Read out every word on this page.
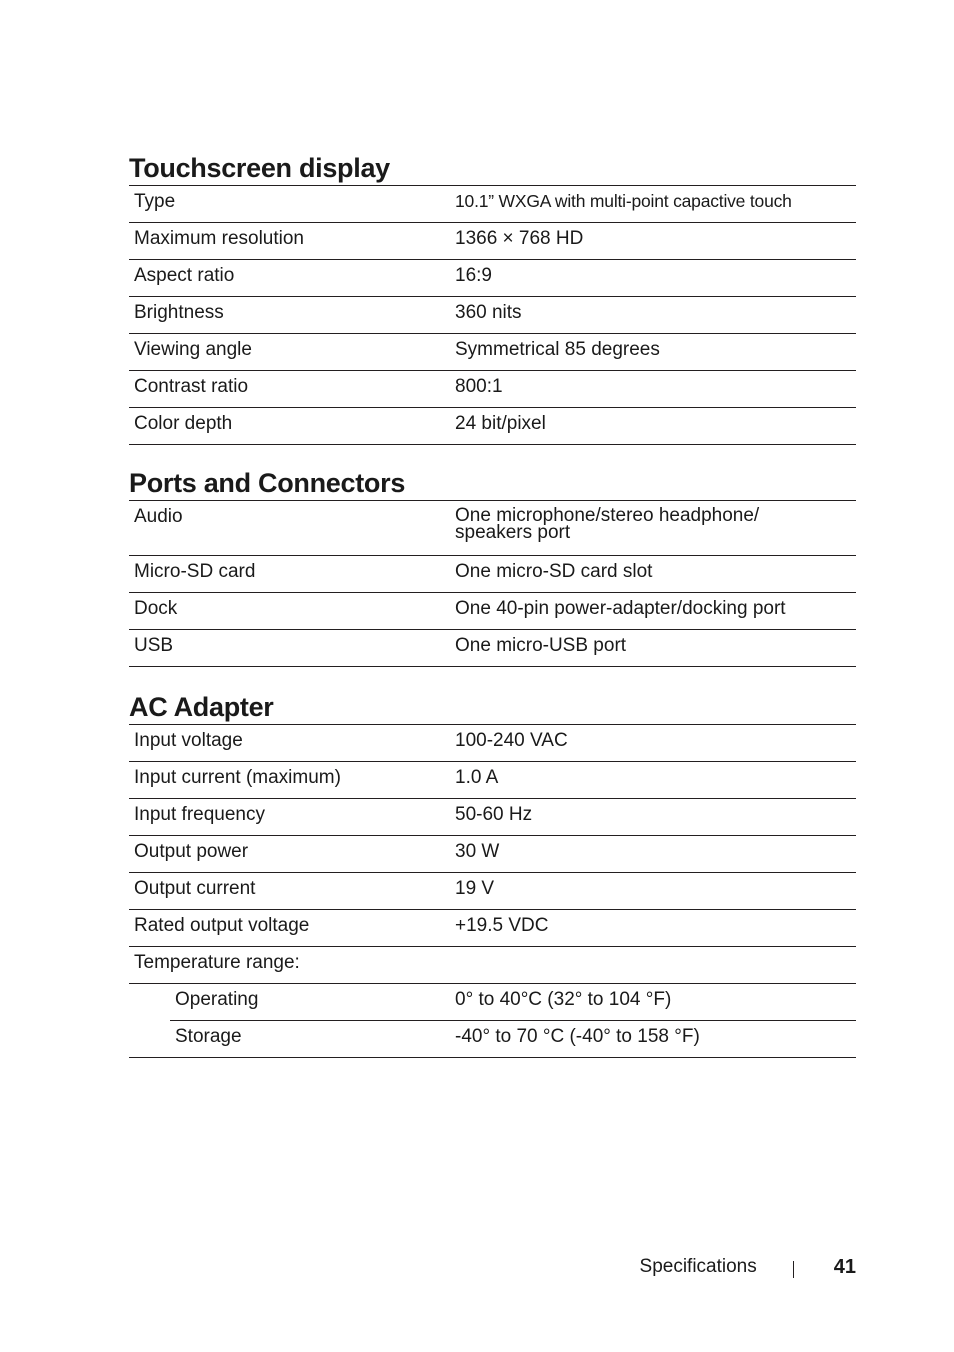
Touchscreen display
Type	10.1” WXGA with multi-point capactive touch
Maximum resolution	1366 × 768 HD
Aspect ratio	16:9
Brightness	360 nits
Viewing angle	Symmetrical 85 degrees
Contrast ratio	800:1
Color depth	24 bit/pixel
Ports and Connectors
Audio	One microphone/stereo headphone/
speakers port

Micro-SD card	One micro-SD card slot
Dock	One 40-pin power-adapter/docking port
USB	One micro-USB port
AC Adapter
Input voltage	100-240 VAC
Input current (maximum)	1.0 A
Input frequency	50-60 Hz
Output power	30 W
Output current	19 V
Rated output voltage	+19.5 VDC
Temperature range:	
Operating	0° to 40°C (32° to 104 °F)
Storage	-40° to 70 °C (-40° to 158 °F)
Specifications	41
